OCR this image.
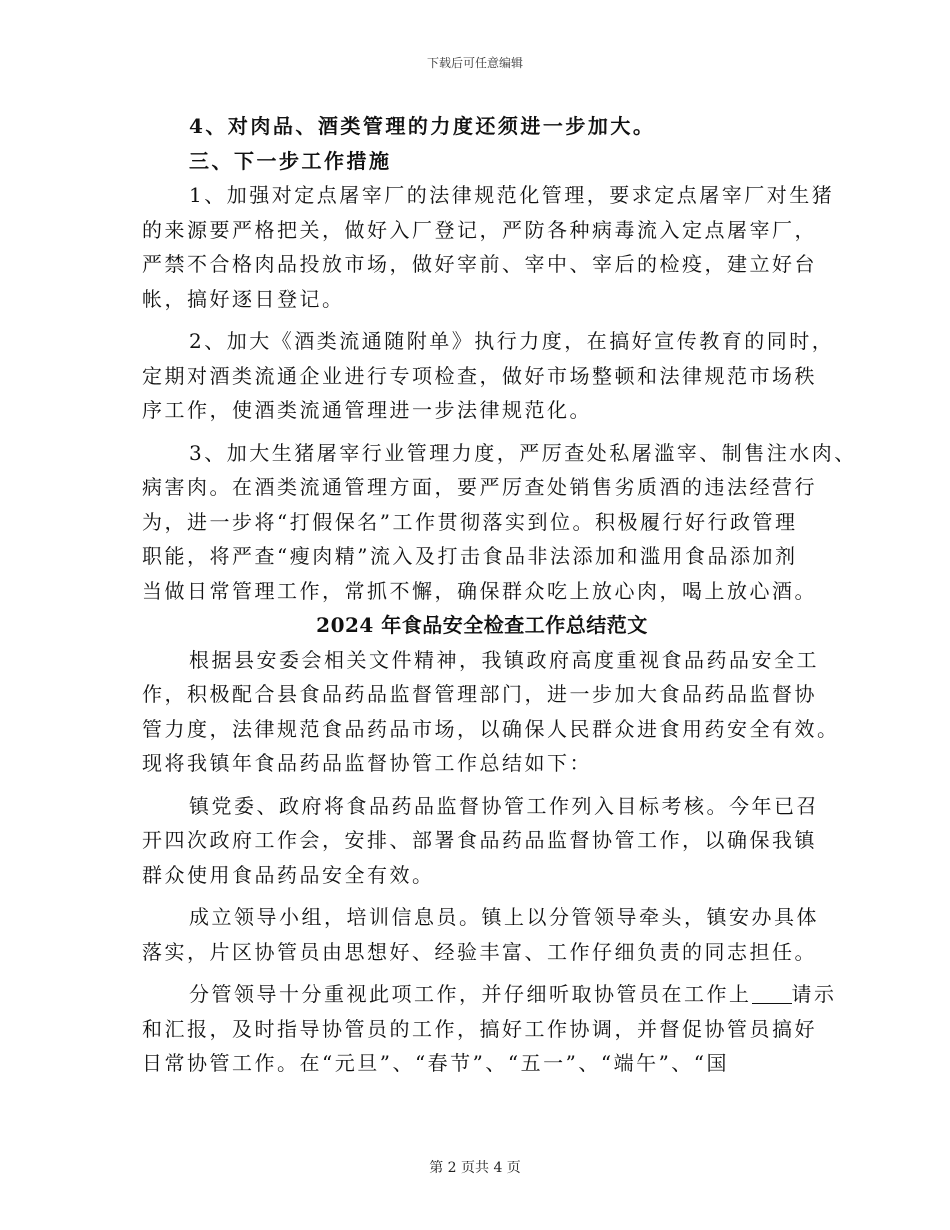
下载后可任意编辑
4、对肉品、酒类管理的力度还须进一步加大。
三、下一步工作措施
1、加强对定点屠宰厂的法律规范化管理，要求定点屠宰厂对生猪
的来源要严格把关，做好入厂登记，严防各种病毒流入定点屠宰厂，
严禁不合格肉品投放市场，做好宰前、宰中、宰后的检疫，建立好台
帐，搞好逐日登记。
2、加大《酒类流通随附单》执行力度，在搞好宣传教育的同时，
定期对酒类流通企业进行专项检查，做好市场整顿和法律规范市场秩
序工作，使酒类流通管理进一步法律规范化。
3、加大生猪屠宰行业管理力度，严厉查处私屠滥宰、制售注水肉、
病害肉。在酒类流通管理方面，要严厉查处销售劣质酒的违法经营行
为，进一步将“打假保名”工作贯彻落实到位。积极履行好行政管理
职能，将严查“瘦肉精”流入及打击食品非法添加和滥用食品添加剂
当做日常管理工作，常抓不懈，确保群众吃上放心肉，喝上放心酒。
2024 年食品安全检查工作总结范文
根据县安委会相关文件精神，我镇政府高度重视食品药品安全工
作，积极配合县食品药品监督管理部门，进一步加大食品药品监督协
管力度，法律规范食品药品市场，以确保人民群众进食用药安全有效。
现将我镇年食品药品监督协管工作总结如下：
镇党委、政府将食品药品监督协管工作列入目标考核。今年已召
开四次政府工作会，安排、部署食品药品监督协管工作，以确保我镇
群众使用食品药品安全有效。
成立领导小组，培训信息员。镇上以分管领导牵头，镇安办具体
落实，片区协管员由思想好、经验丰富、工作仔细负责的同志担任。
分管领导十分重视此项工作，并仔细听取协管员在工作上 请示
和汇报，及时指导协管员的工作，搞好工作协调，并督促协管员搞好
日常协管工作。在“元旦”、“春节”、“五一”、“端午”、“国
第 2 页共 4 页
